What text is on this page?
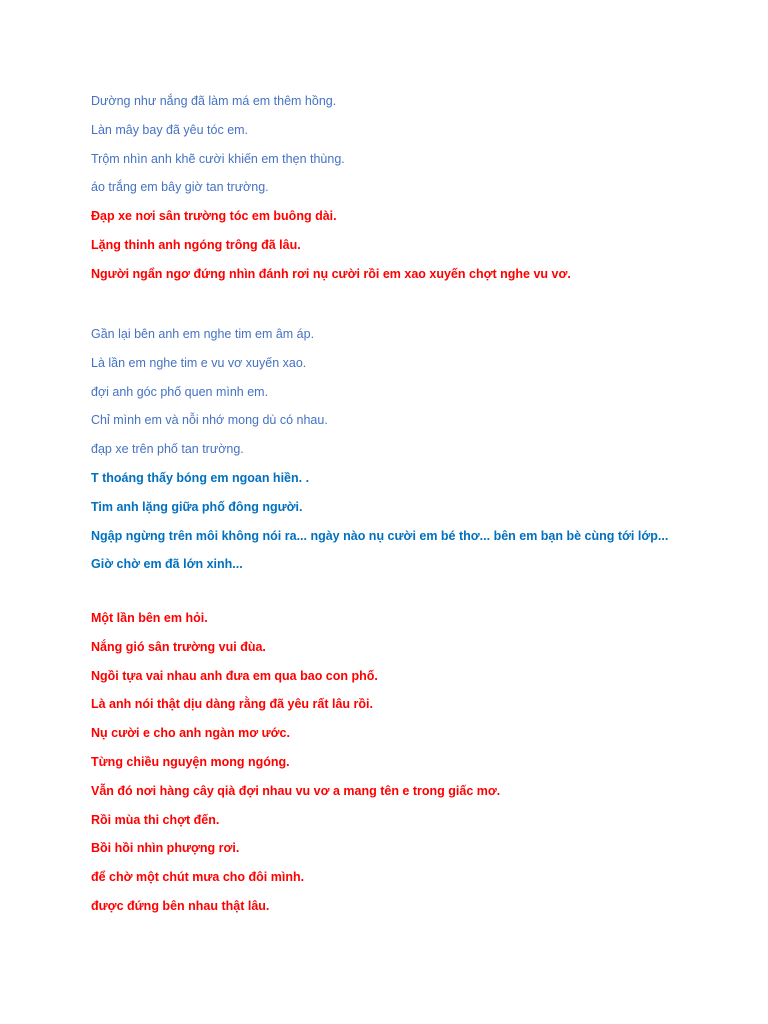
Dường như nắng đã làm má em thêm hồng.
Làn mây bay đã yêu tóc em.
Trộm nhìn anh khẽ cười khiến em thẹn thùng.
áo trắng em bây giờ tan trường.
Đạp xe nơi sân trường tóc em buông dài.
Lặng thinh anh ngóng trông đã lâu.
Người ngẩn ngơ đứng nhìn đánh rơi nụ cười rồi em xao xuyến chợt nghe vu vơ.
Gần lại bên anh em nghe tim em âm áp.
Là lần em nghe tim e vu vơ xuyến xao.
đợi anh góc phố quen mình em.
Chỉ mình em và nỗi nhớ mong dù có nhau.
đạp xe trên phố tan trường.
T thoáng thấy bóng em ngoan hiền. .
Tim anh lặng giữa phố đông người.
Ngập ngừng trên môi không nói ra... ngày nào nụ cười em bé thơ... bên em bạn bè cùng tới lớp...
Giờ chờ em đã lớn xinh...
Một lần bên em hỏi.
Nắng gió sân trường vui đùa.
Ngồi tựa vai nhau anh đưa em qua bao con phố.
Là anh nói thật dịu dàng rằng đã yêu rất lâu rồi.
Nụ cười e cho anh ngàn mơ ước.
Từng chiều nguyện mong ngóng.
Vẫn đó nơi hàng cây qià đợi nhau vu vơ a mang tên e trong giấc mơ.
Rồi mùa thi chợt đến.
Bồi hồi nhìn phượng rơi.
để chờ một chút mưa cho đôi mình.
được đứng bên nhau thật lâu.
